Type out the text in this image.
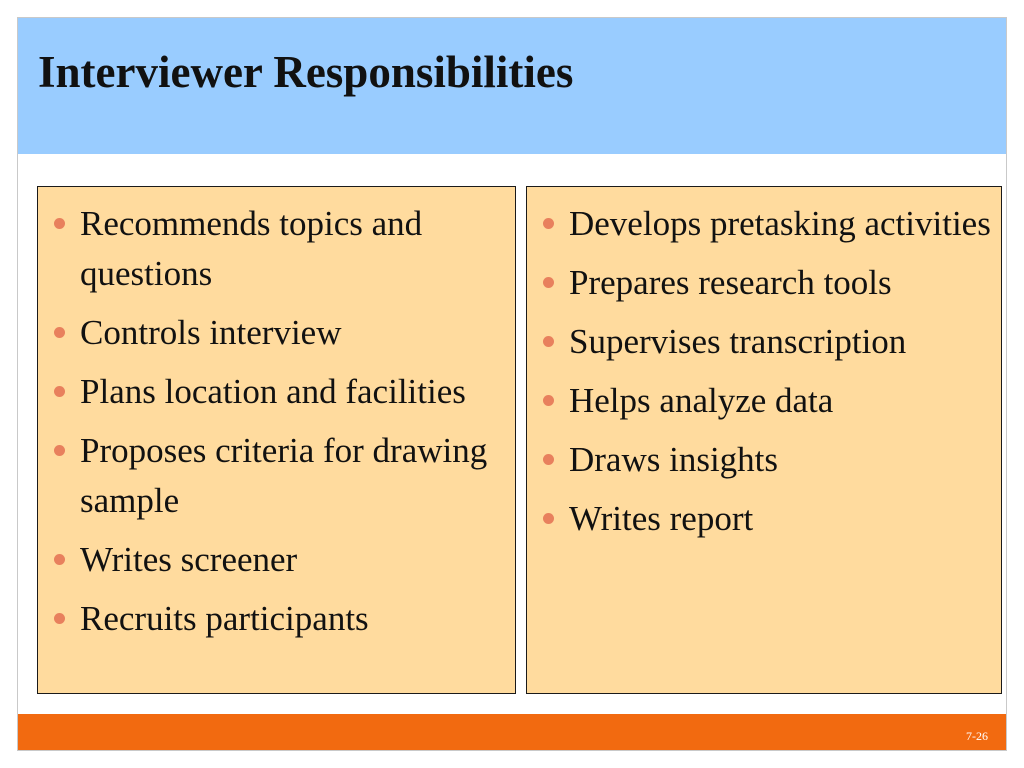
Interviewer Responsibilities
Recommends topics and questions
Controls interview
Plans location and facilities
Proposes criteria for drawing sample
Writes screener
Recruits participants
Develops pretasking activities
Prepares research tools
Supervises transcription
Helps analyze data
Draws insights
Writes report
7-26
